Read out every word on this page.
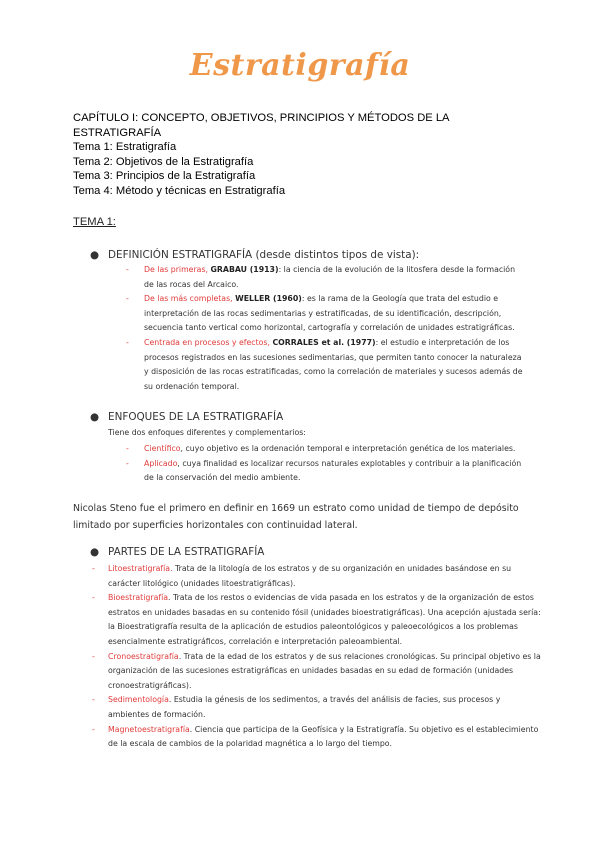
Estratigrafía
CAPÍTULO I: CONCEPTO, OBJETIVOS, PRINCIPIOS Y MÉTODOS DE LA ESTRATIGRAFÍA
Tema 1: Estratigrafía
Tema 2: Objetivos de la Estratigrafía
Tema 3: Principios de la Estratigrafía
Tema 4: Método y técnicas en Estratigrafía
TEMA 1:
● DEFINICIÓN ESTRATIGRAFÍA (desde distintos tipos de vista):
- De las primeras, GRABAU (1913): la ciencia de la evolución de la litosfera desde la formación de las rocas del Arcaico.
- De las más completas, WELLER (1960): es la rama de la Geología que trata del estudio e interpretación de las rocas sedimentarias y estratificadas, de su identificación, descripción, secuencia tanto vertical como horizontal, cartografía y correlación de unidades estratigráficas.
- Centrada en procesos y efectos, CORRALES et al. (1977): el estudio e interpretación de los procesos registrados en las sucesiones sedimentarias, que permiten tanto conocer la naturaleza y disposición de las rocas estratificadas, como la correlación de materiales y sucesos además de su ordenación temporal.
● ENFOQUES DE LA ESTRATIGRAFÍA
Tiene dos enfoques diferentes y complementarios:
- Científico, cuyo objetivo es la ordenación temporal e interpretación genética de los materiales.
- Aplicado, cuya finalidad es localizar recursos naturales explotables y contribuir a la planificación de la conservación del medio ambiente.
Nicolas Steno fue el primero en definir en 1669 un estrato como unidad de tiempo de depósito limitado por superficies horizontales con continuidad lateral.
● PARTES DE LA ESTRATIGRAFÍA
- Litoestratigrafía. Trata de la litología de los estratos y de su organización en unidades basándose en su carácter litológico (unidades litoestratigráficas).
- Bioestratigrafía. Trata de los restos o evidencias de vida pasada en los estratos y de la organización de estos estratos en unidades basadas en su contenido fósil (unidades bioestratigráficas). Una acepción ajustada sería: la Bioestratigrafía resulta de la aplicación de estudios paleontológicos y paleoecológicos a los problemas esencialmente estratigráficos, correlación e interpretación paleoambiental.
- Cronoestratigrafía. Trata de la edad de los estratos y de sus relaciones cronológicas. Su principal objetivo es la organización de las sucesiones estratigráficas en unidades basadas en su edad de formación (unidades cronoestratigráficas).
- Sedimentología. Estudia la génesis de los sedimentos, a través del análisis de facies, sus procesos y ambientes de formación.
- Magnetoestratigrafía. Ciencia que participa de la Geofísica y la Estratigrafía. Su objetivo es el establecimiento de la escala de cambios de la polaridad magnética a lo largo del tiempo.
